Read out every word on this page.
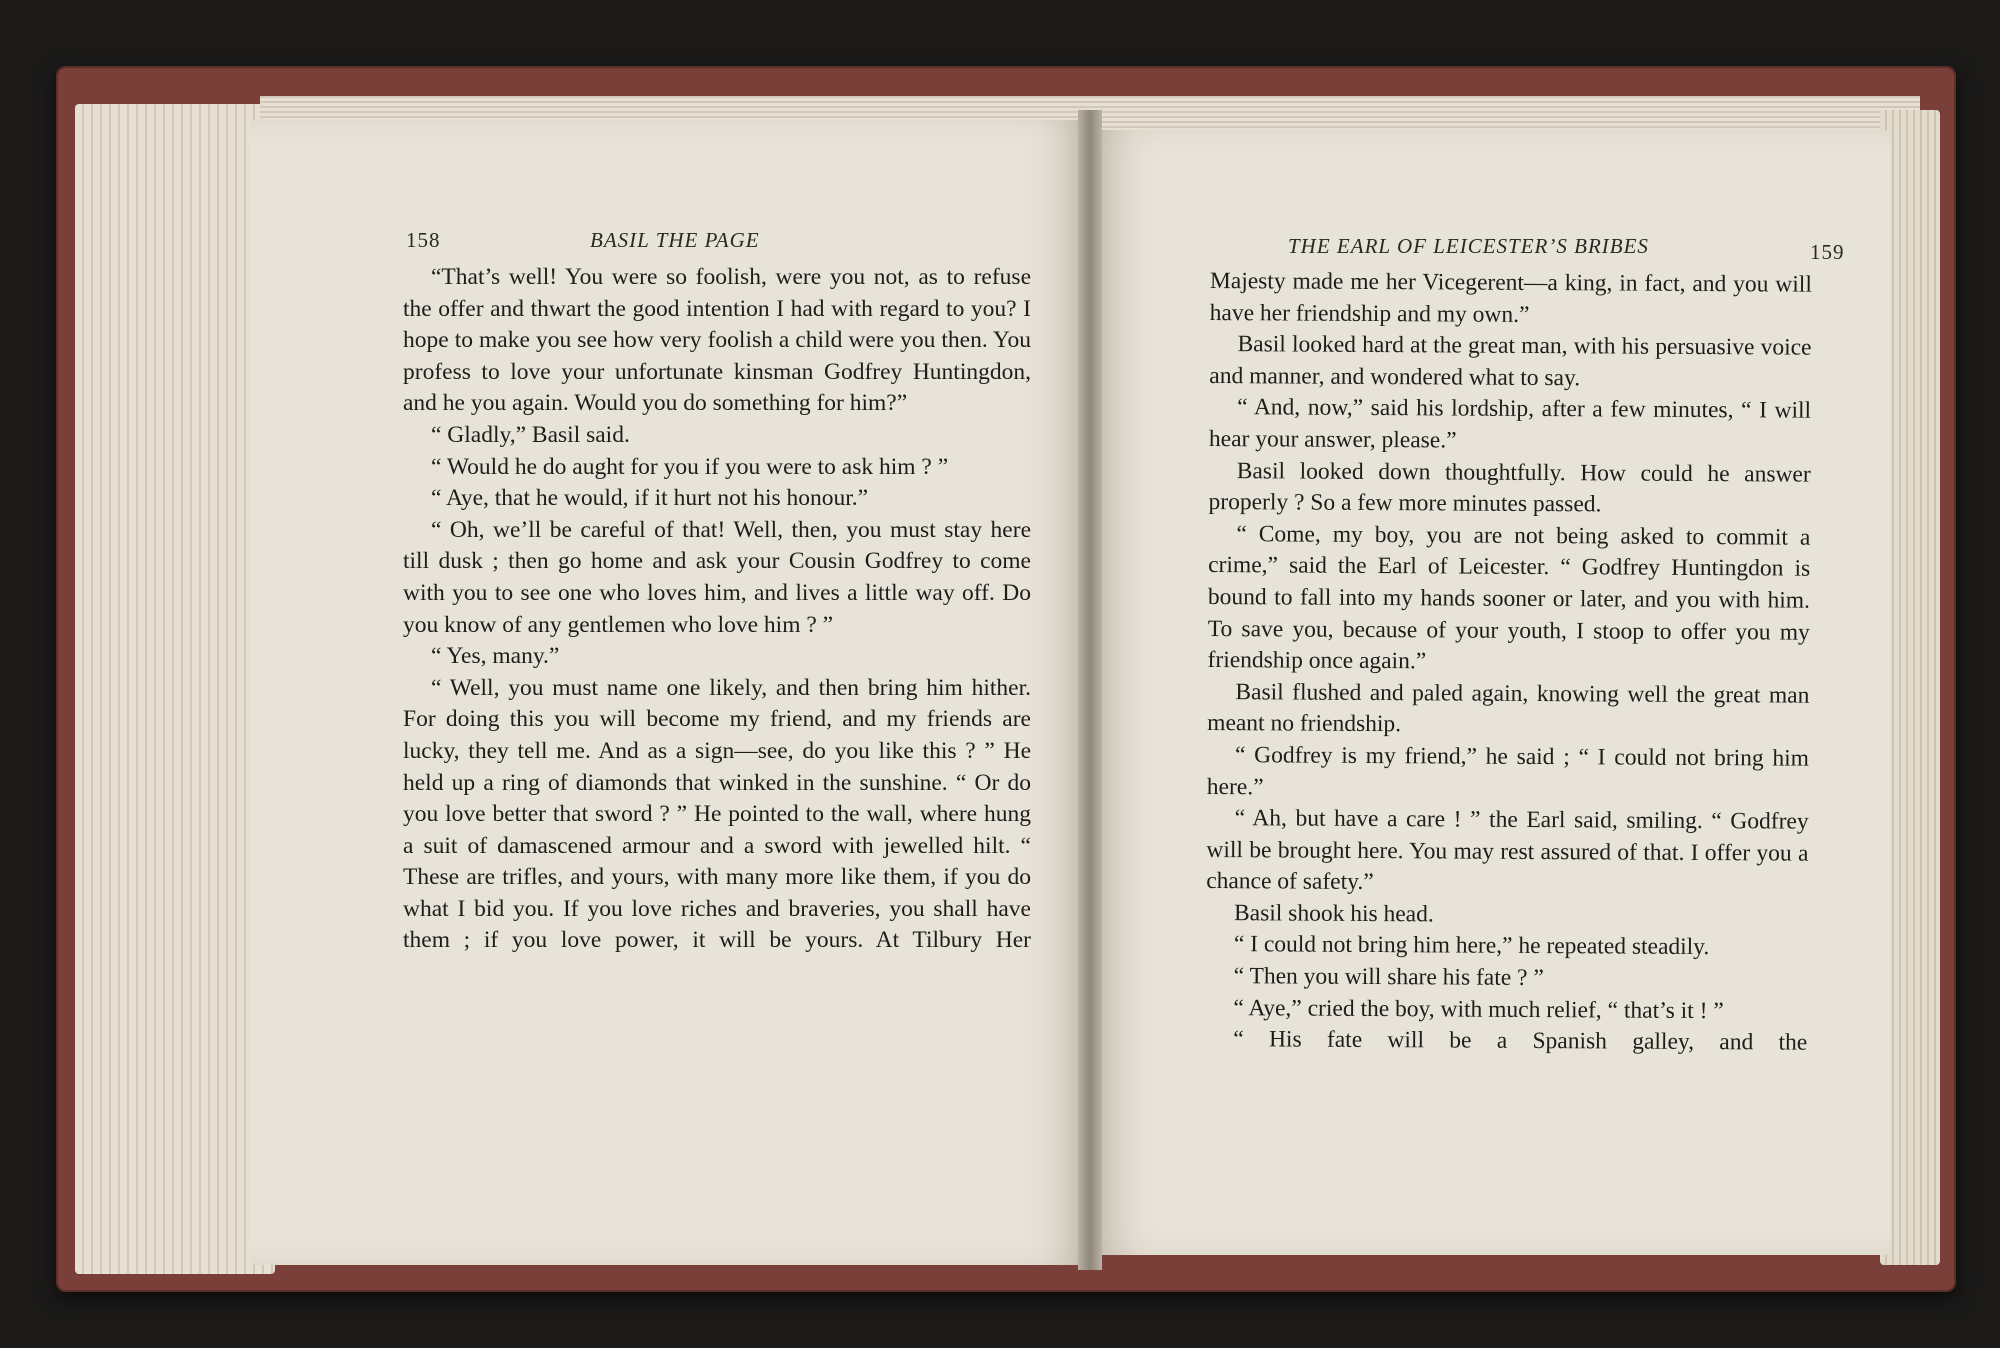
158	BASIL THE PAGE

“That’s well! You were so foolish, were you not, as to refuse the offer and thwart the good intention I had with regard to you? I hope to make you see how very foolish a child were you then. You profess to love your unfortunate kinsman Godfrey Huntingdon, and he you again. Would you do something for him?”

“ Gladly,” Basil said.

“ Would he do aught for you if you were to ask him ? ”

“ Aye, that he would, if it hurt not his honour.”

“ Oh, we’ll be careful of that! Well, then, you must stay here till dusk ; then go home and ask your Cousin Godfrey to come with you to see one who loves him, and lives a little way off. Do you know of any gentlemen who love him ? ”

“ Yes, many.”

“ Well, you must name one likely, and then bring him hither. For doing this you will become my friend, and my friends are lucky, they tell me. And as a sign—see, do you like this ? ” He held up a ring of diamonds that winked in the sunshine. “ Or do you love better that sword ? ” He pointed to the wall, where hung a suit of damascened armour and a sword with jewelled hilt. “ These are trifles, and yours, with many more like them, if you do what I bid you. If you love riches and braveries, you shall have them ; if you love power, it will be yours. At Tilbury Her

THE EARL OF LEICESTER’S BRIBES	159

Majesty made me her Vicegerent—a king, in fact, and you will have her friendship and my own.”

Basil looked hard at the great man, with his persuasive voice and manner, and wondered what to say.

“ And, now,” said his lordship, after a few minutes, “ I will hear your answer, please.”

Basil looked down thoughtfully. How could he answer properly ? So a few more minutes passed.

“ Come, my boy, you are not being asked to commit a crime,” said the Earl of Leicester. “ Godfrey Huntingdon is bound to fall into my hands sooner or later, and you with him. To save you, because of your youth, I stoop to offer you my friendship once again.”

Basil flushed and paled again, knowing well the great man meant no friendship.

“ Godfrey is my friend,” he said ; “ I could not bring him here.”

“ Ah, but have a care ! ” the Earl said, smiling. “ Godfrey will be brought here. You may rest assured of that. I offer you a chance of safety.”

Basil shook his head.

“ I could not bring him here,” he repeated steadily.

“ Then you will share his fate ? ”

“ Aye,” cried the boy, with much relief, “ that’s it ! ”

“ His fate will be a Spanish galley, and the
